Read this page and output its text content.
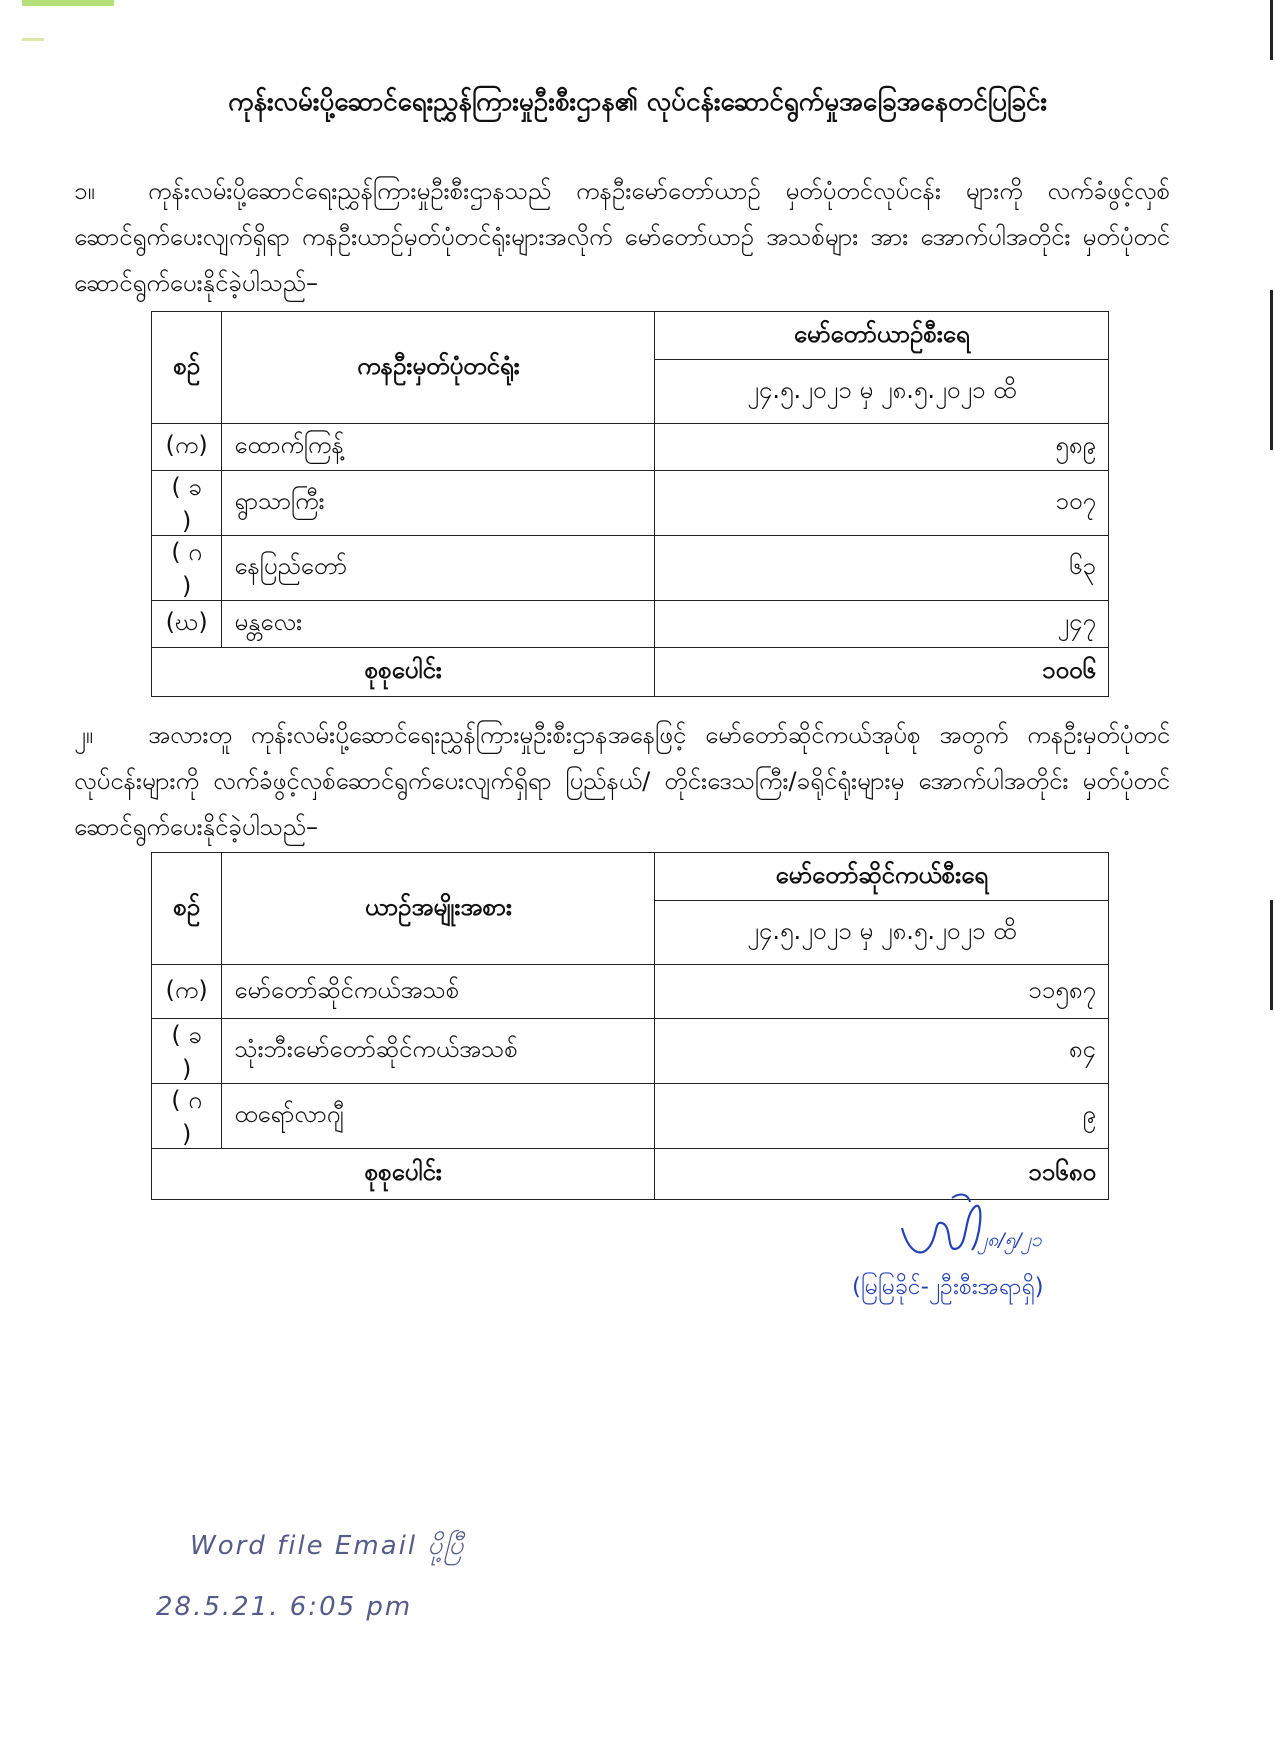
ကုန်းလမ်းပို့ဆောင်ရေးညွှန်ကြားမှုဦးစီးဌာန၏ လုပ်ငန်းဆောင်ရွက်မှုအခြေအနေတင်ပြခြင်း
၁။ ကုန်းလမ်းပို့ဆောင်ရေးညွှန်ကြားမှုဦးစီးဌာနသည် ကနဦးမော်တော်ယာဉ် မှတ်ပုံတင်လုပ်ငန်း များကို လက်ခံဖွင့်လှစ်ဆောင်ရွက်ပေးလျက်ရှိရာ ကနဦးယာဉ်မှတ်ပုံတင်ရုံးများအလိုက် မော်တော်ယာဉ် အသစ်များ အား အောက်ပါအတိုင်း မှတ်ပုံတင်ဆောင်ရွက်ပေးနိုင်ခဲ့ပါသည်–
စဉ်	ကနဦးမှတ်ပုံတင်ရုံး	မော်တော်ယာဉ်စီးရေ
		၂၄.၅.၂၀၂၁ မှ ၂၈.၅.၂၀၂၁ ထိ
(က)	ထောက်ကြန့်	၅၈၉
( ခ )	ရွာသာကြီး	၁၀၇
( ဂ )	နေပြည်တော်	၆၃
(ဃ)	မန္တလေး	၂၄၇
စုစုပေါင်း		၁၀၀၆
၂။ အလားတူ ကုန်းလမ်းပို့ဆောင်ရေးညွှန်ကြားမှုဦးစီးဌာနအနေဖြင့် မော်တော်ဆိုင်ကယ်အုပ်စု အတွက် ကနဦးမှတ်ပုံတင်လုပ်ငန်းများကို လက်ခံဖွင့်လှစ်ဆောင်ရွက်ပေးလျက်ရှိရာ ပြည်နယ်/ တိုင်းဒေသကြီး/ခရိုင်ရုံးများမှ အောက်ပါအတိုင်း မှတ်ပုံတင်ဆောင်ရွက်ပေးနိုင်ခဲ့ပါသည်–
စဉ်	ယာဉ်အမျိုးအစား	မော်တော်ဆိုင်ကယ်စီးရေ
		၂၄.၅.၂၀၂၁ မှ ၂၈.၅.၂၀၂၁ ထိ
(က)	မော်တော်ဆိုင်ကယ်အသစ်	၁၁၅၈၇
( ခ )	သုံးဘီးမော်တော်ဆိုင်ကယ်အသစ်	၈၄
( ဂ )	ထရော်လာဂျီ	၉
စုစုပေါင်း		၁၁၆၈၀
၂၈/၅/၂၁
(မြမြခိုင်-၂ဦးစီးအရာရှိ)
Word file Email ပို့ပြီ
28.5.21. 6:05 pm
